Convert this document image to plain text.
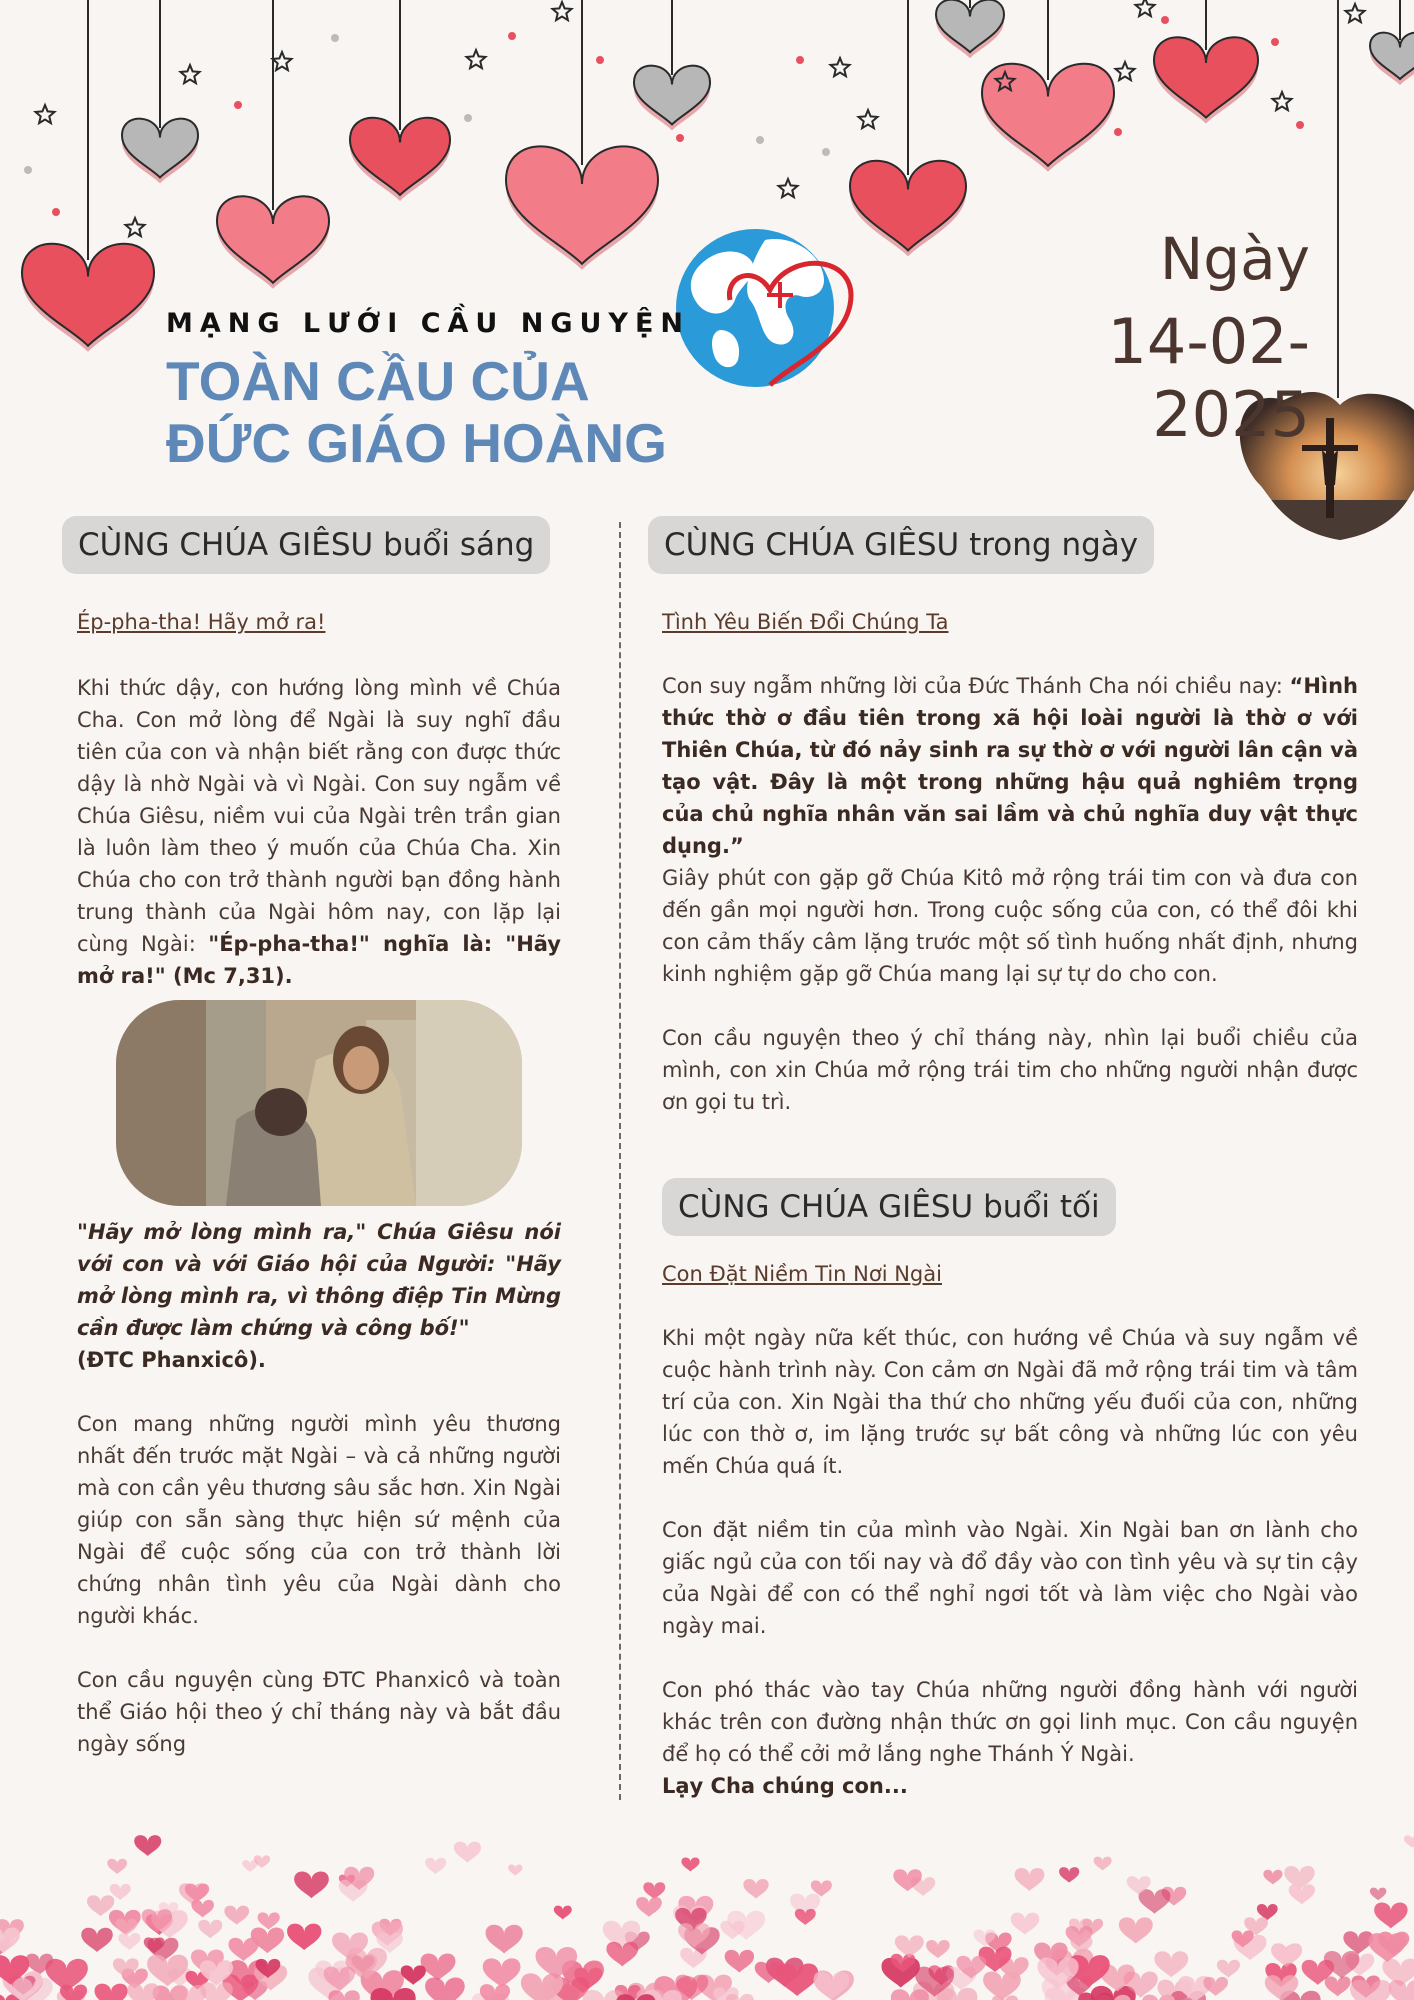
MẠNG LƯỚI CẦU NGUYỆN
TOÀN CẦU CỦA
ĐỨC GIÁO HOÀNG
Ngày
14-02-2025
CÙNG CHÚA GIÊSU buổi sáng
Ép-pha-tha! Hãy mở ra!
Khi thức dậy, con hướng lòng mình về Chúa Cha. Con mở lòng để Ngài là suy nghĩ đầu tiên của con và nhận biết rằng con được thức dậy là nhờ Ngài và vì Ngài. Con suy ngẫm về Chúa Giêsu, niềm vui của Ngài trên trần gian là luôn làm theo ý muốn của Chúa Cha. Xin Chúa cho con trở thành người bạn đồng hành trung thành của Ngài hôm nay, con lặp lại cùng Ngài: "Ép-pha-tha!" nghĩa là: "Hãy mở ra!" (Mc 7,31).
"Hãy mở lòng mình ra," Chúa Giêsu nói với con và với Giáo hội của Người: "Hãy mở lòng mình ra, vì thông điệp Tin Mừng cần được làm chứng và công bố!"
(ĐTC Phanxicô).
Con mang những người mình yêu thương nhất đến trước mặt Ngài – và cả những người mà con cần yêu thương sâu sắc hơn. Xin Ngài giúp con sẵn sàng thực hiện sứ mệnh của Ngài để cuộc sống của con trở thành lời chứng nhân tình yêu của Ngài dành cho người khác.
Con cầu nguyện cùng ĐTC Phanxicô và toàn thể Giáo hội theo ý chỉ tháng này và bắt đầu ngày sống
CÙNG CHÚA GIÊSU trong ngày
Tình Yêu Biến Đổi Chúng Ta
Con suy ngẫm những lời của Đức Thánh Cha nói chiều nay: “Hình thức thờ ơ đầu tiên trong xã hội loài người là thờ ơ với Thiên Chúa, từ đó nảy sinh ra sự thờ ơ với người lân cận và tạo vật. Đây là một trong những hậu quả nghiêm trọng của chủ nghĩa nhân văn sai lầm và chủ nghĩa duy vật thực dụng.”
Giây phút con gặp gỡ Chúa Kitô mở rộng trái tim con và đưa con đến gần mọi người hơn. Trong cuộc sống của con, có thể đôi khi con cảm thấy câm lặng trước một số tình huống nhất định, nhưng kinh nghiệm gặp gỡ Chúa mang lại sự tự do cho con.
Con cầu nguyện theo ý chỉ tháng này, nhìn lại buổi chiều của mình, con xin Chúa mở rộng trái tim cho những người nhận được ơn gọi tu trì.
CÙNG CHÚA GIÊSU buổi tối
Con Đặt Niềm Tin Nơi Ngài
Khi một ngày nữa kết thúc, con hướng về Chúa và suy ngẫm về cuộc hành trình này. Con cảm ơn Ngài đã mở rộng trái tim và tâm trí của con. Xin Ngài tha thứ cho những yếu đuối của con, những lúc con thờ ơ, im lặng trước sự bất công và những lúc con yêu mến Chúa quá ít.
Con đặt niềm tin của mình vào Ngài. Xin Ngài ban ơn lành cho giấc ngủ của con tối nay và đổ đầy vào con tình yêu và sự tin cậy của Ngài để con có thể nghỉ ngơi tốt và làm việc cho Ngài vào ngày mai.
Con phó thác vào tay Chúa những người đồng hành với người khác trên con đường nhận thức ơn gọi linh mục. Con cầu nguyện để họ có thể cởi mở lắng nghe Thánh Ý Ngài.
Lạy Cha chúng con...
